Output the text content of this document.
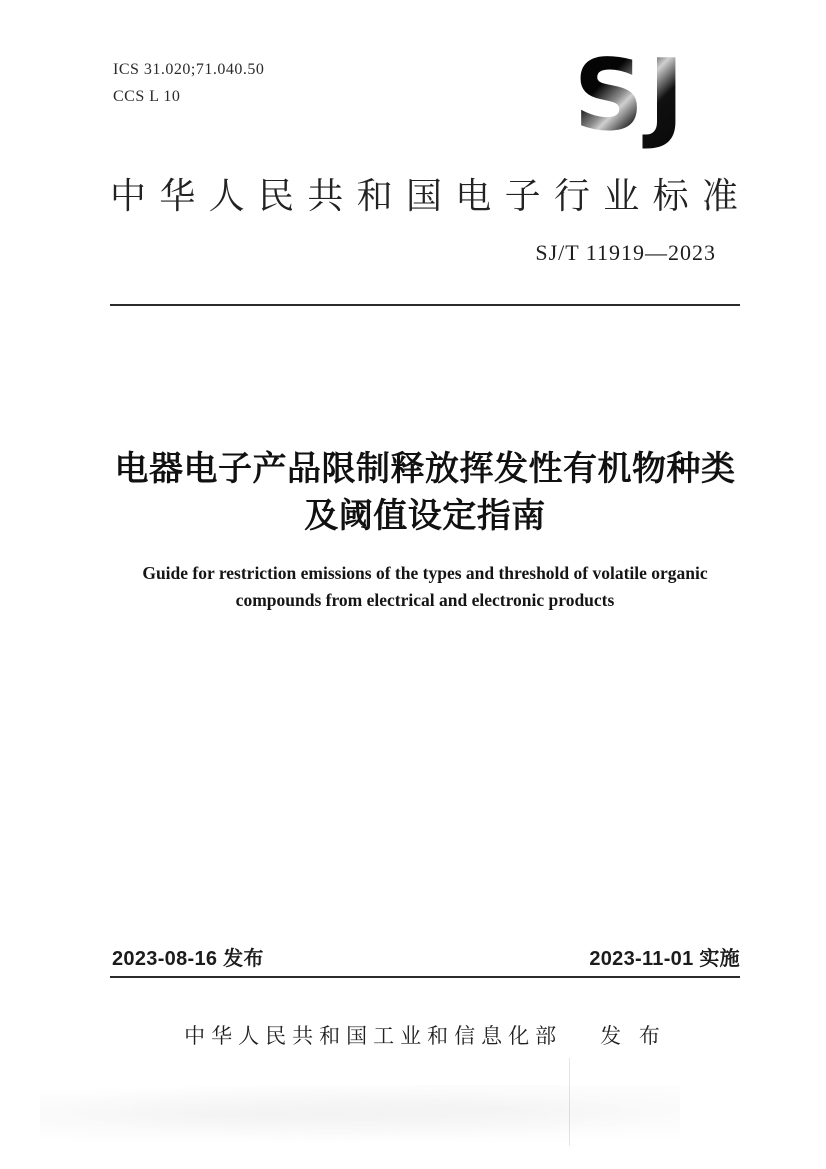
ICS 31.020;71.040.50
CCS L 10	SJ
中 华 人 民 共 和 国 电 子 行 业 标 准
SJ/T 11919—2023
电器电子产品限制释放挥发性有机物种类
及阈值设定指南
Guide for restriction emissions of the types and threshold of volatile organic
compounds from electrical and electronic products
2023-08-16 发布	2023-11-01 实施
中华人民共和国工业和信息化部 发 布
